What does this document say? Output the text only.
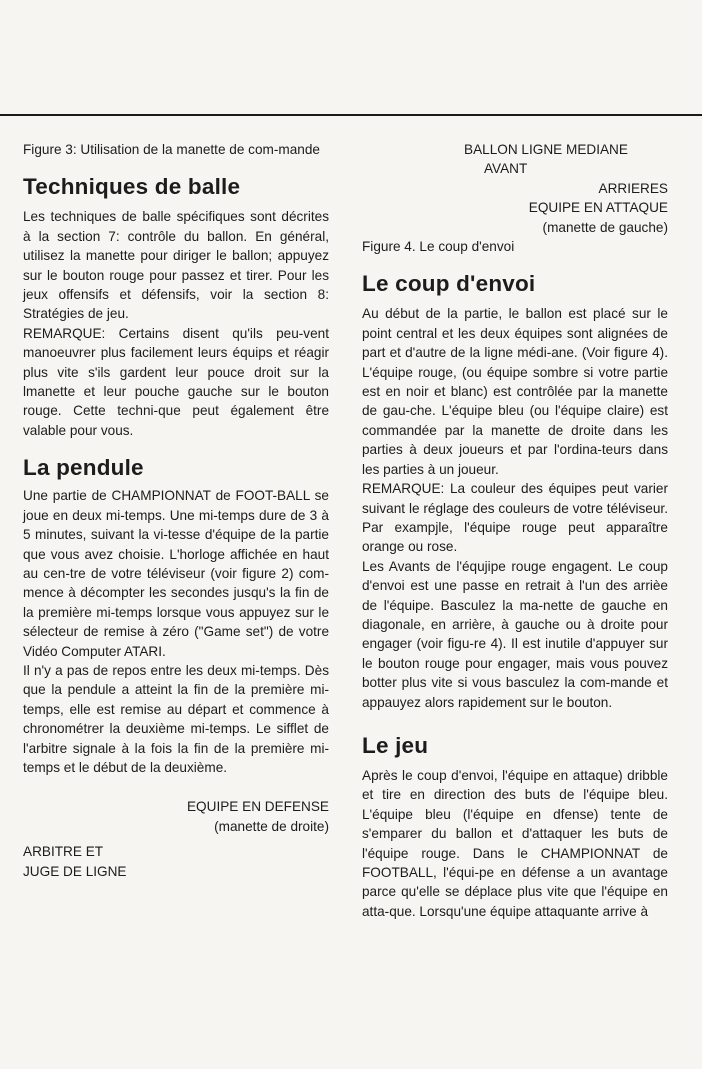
Figure 3: Utilisation de la manette de com-mande

Techniques de balle

Les techniques de balle spécifiques sont décrites à la section 7: contrôle du ballon. En général, utilisez la manette pour diriger le ballon; appuyez sur le bouton rouge pour passez et tirer. Pour les jeux offensifs et défensifs, voir la section 8: Stratégies de jeu.

REMARQUE: Certains disent qu'ils peu-vent manoeuvrer plus facilement leurs équips et réagir plus vite s'ils gardent leur pouce droit sur la lmanette et leur pouche gauche sur le bouton rouge. Cette techni-que peut également être valable pour vous.

La pendule

Une partie de CHAMPIONNAT de FOOT-BALL se joue en deux mi-temps. Une mi-temps dure de 3 à 5 minutes, suivant la vi-tesse d'équipe de la partie que vous avez choisie. L'horloge affichée en haut au cen-tre de votre téléviseur (voir figure 2) com-mence à décompter les secondes jusqu's la fin de la première mi-temps lorsque vous appuyez sur le sélecteur de remise à zéro ("Game set") de votre Vidéo Computer ATARI.

Il n'y a pas de repos entre les deux mi-temps. Dès que la pendule a atteint la fin de la première mi-temps, elle est remise au départ et commence à chronométrer la deuxième mi-temps. Le sifflet de l'arbitre signale à la fois la fin de la première mi-temps et le début de la deuxième.

EQUIPE EN DEFENSE
(manette de droite)
ARBITRE ET
JUGE DE LIGNE
BALLON LIGNE MEDIANE
AVANT
ARRIERES
EQUIPE EN ATTAQUE
(manette de gauche)

Figure 4. Le coup d'envoi

Le coup d'envoi

Au début de la partie, le ballon est placé sur le point central et les deux équipes sont alignées de part et d'autre de la ligne médi-ane. (Voir figure 4). L'équipe rouge, (ou équipe sombre si votre partie est en noir et blanc) est contrôlée par la manette de gau-che. L'équipe bleu (ou l'équipe claire) est commandée par la manette de droite dans les parties à deux joueurs et par l'ordina-teurs dans les parties à un joueur.

REMARQUE: La couleur des équipes peut varier suivant le réglage des couleurs de votre téléviseur. Par exampjle, l'équipe rouge peut apparaître orange ou rose.

Les Avants de l'équjipe rouge engagent. Le coup d'envoi est une passe en retrait à l'un des arrièe de l'équipe. Basculez la ma-nette de gauche en diagonale, en arrière, à gauche ou à droite pour engager (voir figu-re 4). Il est inutile d'appuyer sur le bouton rouge pour engager, mais vous pouvez botter plus vite si vous basculez la com-mande et appauyez alors rapidement sur le bouton.

Le jeu

Après le coup d'envoi, l'équipe en attaque) dribble et tire en direction des buts de l'équipe bleu. L'équipe bleu (l'équipe en dfense) tente de s'emparer du ballon et d'attaquer les buts de l'équipe rouge. Dans le CHAMPIONNAT de FOOTBALL, l'équi-pe en défense a un avantage parce qu'elle se déplace plus vite que l'équipe en atta-que. Lorsqu'une équipe attaquante arrive à
